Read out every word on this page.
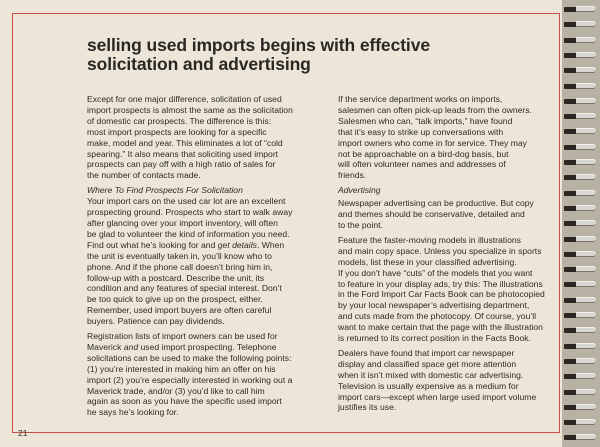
selling used imports begins with effective
solicitation and advertising

Except for one major difference, solicitation of used
import prospects is almost the same as the solicitation
of domestic car prospects. The difference is this:
most import prospects are looking for a specific
make, model and year. This eliminates a lot of “cold
spearing.” It also means that soliciting used import
prospects can pay off with a high ratio of sales for
the number of contacts made.

Where To Find Prospects For Solicitation

Your import cars on the used car lot are an excellent
prospecting ground. Prospects who start to walk away
after glancing over your import inventory, will often
be glad to volunteer the kind of information you need.
Find out what he’s looking for and get details. When
the unit is eventually taken in, you’ll know who to
phone. And if the phone call doesn’t bring him in,
follow-up with a postcard. Describe the unit, its
condition and any features of special interest. Don’t
be too quick to give up on the prospect, either.
Remember, used import buyers are often careful
buyers. Patience can pay dividends.

Registration lists of import owners can be used for
Maverick and used import prospecting. Telephone
solicitations can be used to make the following points:
(1) you’re interested in making him an offer on his
import (2) you’re especially interested in working out a
Maverick trade, and/or (3) you’d like to call him
again as soon as you have the specific used import
he says he’s looking for.

If the service department works on imports,
salesmen can often pick-up leads from the owners.
Salesmen who can, “talk imports,” have found
that it’s easy to strike up conversations with
import owners who come in for service. They may
not be approachable on a bird-dog basis, but
will often volunteer names and addresses of
friends.

Advertising

Newspaper advertising can be productive. But copy
and themes should be conservative, detailed and
to the point.

Feature the faster-moving models in illustrations
and main copy space. Unless you specialize in sports
models, list these in your classified advertising.
If you don’t have “cuts” of the models that you want
to feature in your display ads, try this: The illustrations
in the Ford Import Car Facts Book can be photocopied
by your local newspaper’s advertising department,
and cuts made from the photocopy. Of course, you’ll
want to make certain that the page with the illustration
is returned to its correct position in the Facts Book.

Dealers have found that import car newspaper
display and classified space get more attention
when it isn’t mixed with domestic car advertising.
Television is usually expensive as a medium for
import cars—except when large used import volume
justifies its use.

21
